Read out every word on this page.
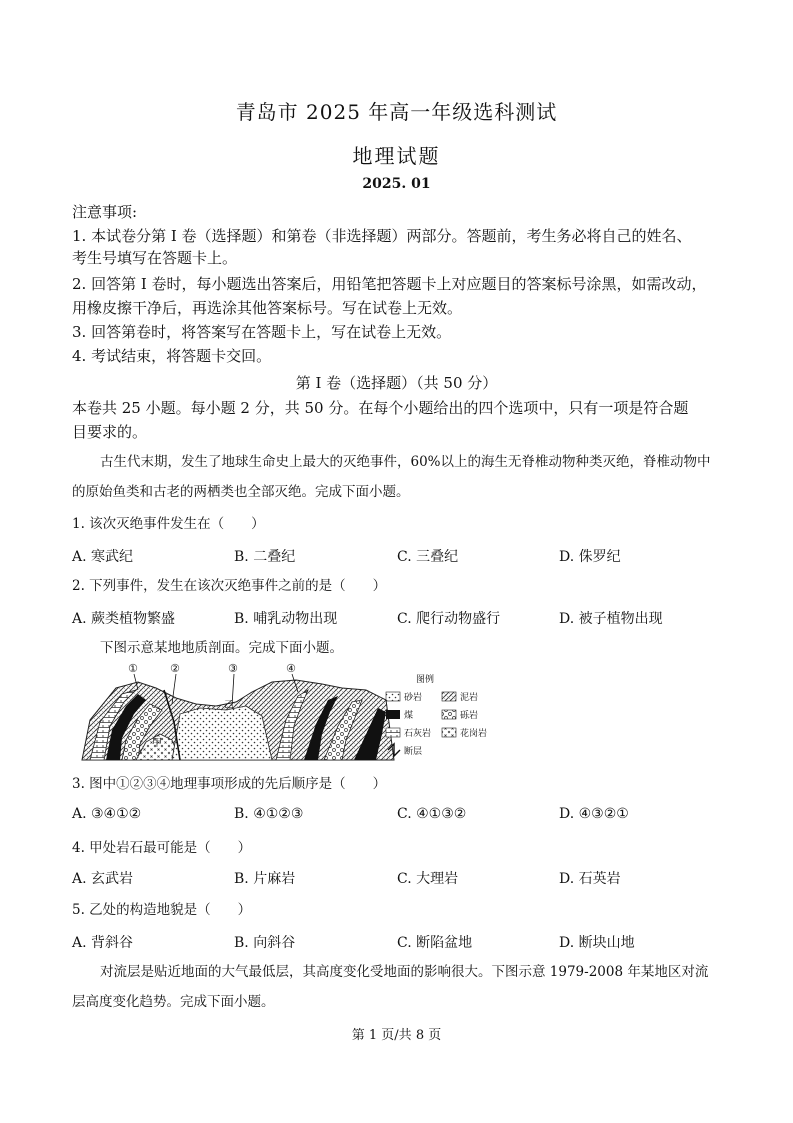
青岛市 2025 年高一年级选科测试
地理试题
2025. 01
注意事项:
1. 本试卷分第 I 卷（选择题）和第卷（非选择题）两部分。答题前，考生务必将自己的姓名、
考生号填写在答题卡上。
2. 回答第 I 卷时，每小题选出答案后，用铅笔把答题卡上对应题目的答案标号涂黑，如需改动，
用橡皮擦干净后，再选涂其他答案标号。写在试卷上无效。
3. 回答第卷时，将答案写在答题卡上，写在试卷上无效。
4. 考试结束，将答题卡交回。
第 I 卷（选择题）（共 50 分）
本卷共 25 小题。每小题 2 分，共 50 分。在每个小题给出的四个选项中，只有一项是符合题
目要求的。
古生代末期，发生了地球生命史上最大的灭绝事件，60%以上的海生无脊椎动物种类灭绝，脊椎动物中
的原始鱼类和古老的两栖类也全部灭绝。完成下面小题。
1. 该次灭绝事件发生在（　　）
A. 寒武纪	B. 二叠纪	C. 三叠纪	D. 侏罗纪
2. 下列事件，发生在该次灭绝事件之前的是（　　）
A. 蕨类植物繁盛	B. 哺乳动物出现	C. 爬行动物盛行	D. 被子植物出现
下图示意某地地质剖面。完成下面小题。
①	②	③	④
甲
乙
图例
砂岩	泥岩
煤	砾岩
石灰岩	花岗岩
断层
3. 图中①②③④地理事项形成的先后顺序是（　　）
A. ③④①②	B. ④①②③	C. ④①③②	D. ④③②①
4. 甲处岩石最可能是（　　）
A. 玄武岩	B. 片麻岩	C. 大理岩	D. 石英岩
5. 乙处的构造地貌是（　　）
A. 背斜谷	B. 向斜谷	C. 断陷盆地	D. 断块山地
对流层是贴近地面的大气最低层，其高度变化受地面的影响很大。下图示意 1979-2008 年某地区对流
层高度变化趋势。完成下面小题。
第 1 页/共 8 页
